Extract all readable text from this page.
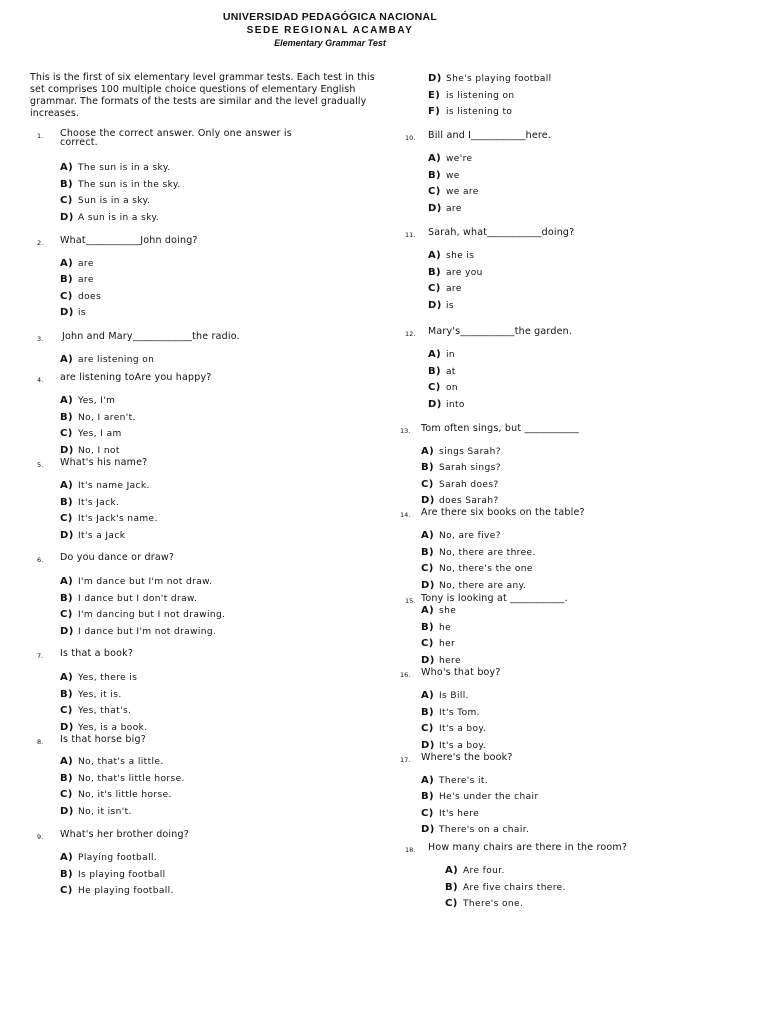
UNIVERSIDAD PEDAGÓGICA NACIONAL
SEDE REGIONAL ACAMBAY
Elementary Grammar Test
This is the first of six elementary level grammar tests. Each test in this set comprises 100 multiple choice questions of elementary English grammar. The formats of the tests are similar and the level gradually increases.
1. Choose the correct answer. Only one answer is correct.
A) The sun is in a sky.
B) The sun is in the sky.
C) Sun is in a sky.
D) A sun is in a sky.
2. What___________John doing?
A) are
B) are
C) does
D) is
3. John and Mary____________the radio.
A) are listening on
4. are listening toAre you happy?
A) Yes, I'm
B) No, I aren't.
C) Yes, I am
D) No, I not
5. What's his name?
A) It's name Jack.
B) It's Jack.
C) It's Jack's name.
D) It's a Jack
6. Do you dance or draw?
A) I'm dance but I'm not draw.
B) I dance but I don't draw.
C) I'm dancing but I not drawing.
D) I dance but I'm not drawing.
7. Is that a book?
A) Yes, there is
B) Yes, it is.
C) Yes, that's.
D) Yes, is a book.
8. Is that horse big?
A) No, that's a little.
B) No, that's little horse.
C) No, it's little horse.
D) No, it isn't.
9. What's her brother doing?
A) Playing football.
B) Is playing football
C) He playing football.
D) She's playing football
E) is listening on
F) is listening to
10. Bill and I___________here.
A) we're
B) we
C) we are
D) are
11. Sarah, what___________doing?
A) she is
B) are you
C) are
D) is
12. Mary's___________the garden.
A) in
B) at
C) on
D) into
13. Tom often sings, but ___________
A) sings Sarah?
B) Sarah sings?
C) Sarah does?
D) does Sarah?
14. Are there six books on the table?
A) No, are five?
B) No, there are three.
C) No, there's the one
D) No, there are any.
15. Tony is looking at ___________.
A) she
B) he
C) her
D) here
16. Who's that boy?
A) Is Bill.
B) It's Tom.
C) It's a boy.
D) It's a boy.
17. Where's the book?
A) There's it.
B) He's under the chair
C) It's here
D) There's on a chair.
18. How many chairs are there in the room?
A) Are four.
B) Are five chairs there.
C) There's one.
